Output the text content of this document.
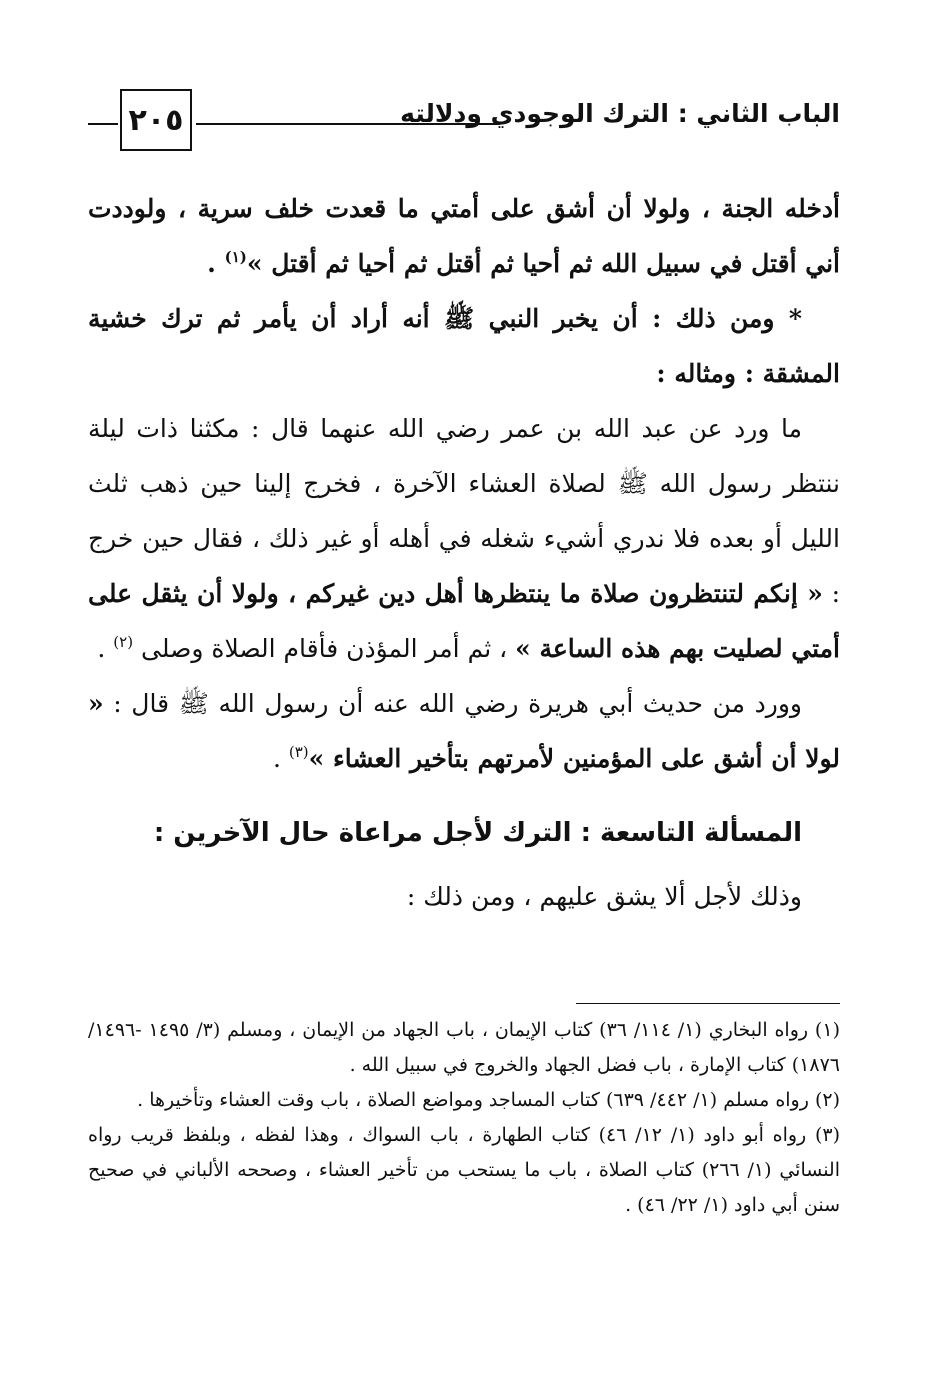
٢٠٥	الباب الثاني : الترك الوجودي ودلالته

أدخله الجنة ، ولولا أن أشق على أمتي ما قعدت خلف سرية ، ولوددت أني أقتل في سبيل الله ثم أحيا ثم أقتل ثم أحيا ثم أقتل »$^{(١)}$ .

* ومن ذلك : أن يخبر النبي ﷺ أنه أراد أن يأمر ثم ترك خشية المشقة : ومثاله :

ما ورد عن عبد الله بن عمر رضي الله عنهما قال : مكثنا ذات ليلة ننتظر رسول الله ﷺ لصلاة العشاء الآخرة ، فخرج إلينا حين ذهب ثلث الليل أو بعده فلا ندري أشيء شغله في أهله أو غير ذلك ، فقال حين خرج : « إنكم لتنتظرون صلاة ما ينتظرها أهل دين غيركم ، ولولا أن يثقل على أمتي لصليت بهم هذه الساعة » ، ثم أمر المؤذن فأقام الصلاة وصلى $^{(٢)}$ .

وورد من حديث أبي هريرة رضي الله عنه أن رسول الله ﷺ قال : « لولا أن أشق على المؤمنين لأمرتهم بتأخير العشاء »$^{(٣)}$ .

المسألة التاسعة : الترك لأجل مراعاة حال الآخرين :

وذلك لأجل ألا يشق عليهم ، ومن ذلك :

(١) رواه البخاري (١/ ١١٤/ ٣٦) كتاب الإيمان ، باب الجهاد من الإيمان ، ومسلم (٣/ ١٤٩٥ -١٤٩٦/ ١٨٧٦) كتاب الإمارة ، باب فضل الجهاد والخروج في سبيل الله .

(٢) رواه مسلم (١/ ٤٤٢/ ٦٣٩) كتاب المساجد ومواضع الصلاة ، باب وقت العشاء وتأخيرها .

(٣) رواه أبو داود (١/ ١٢/ ٤٦) كتاب الطهارة ، باب السواك ، وهذا لفظه ، وبلفظ قريب رواه النسائي (١/ ٢٦٦) كتاب الصلاة ، باب ما يستحب من تأخير العشاء ، وصححه الألباني في صحيح سنن أبي داود (١/ ٢٢/ ٤٦) .
